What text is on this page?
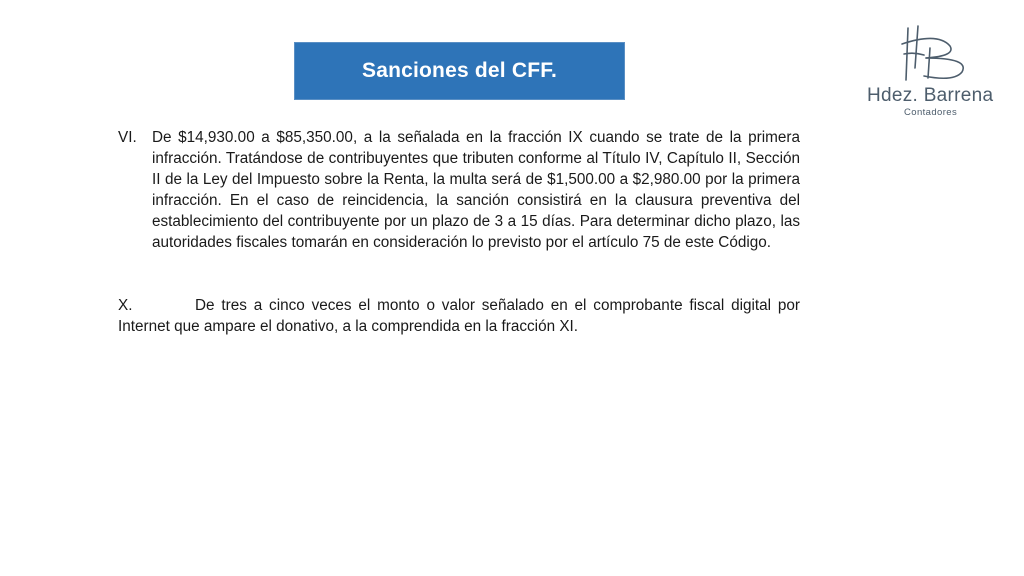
Sanciones del CFF.
Hdez. Barrena
Contadores
VI. De $14,930.00 a $85,350.00, a la señalada en la fracción IX cuando se trate de la primera infracción. Tratándose de contribuyentes que tributen conforme al Título IV, Capítulo II, Sección II de la Ley del Impuesto sobre la Renta, la multa será de $1,500.00 a $2,980.00 por la primera infracción. En el caso de reincidencia, la sanción consistirá en la clausura preventiva del establecimiento del contribuyente por un plazo de 3 a 15 días. Para determinar dicho plazo, las autoridades fiscales tomarán en consideración lo previsto por el artículo 75 de este Código.
X.	De tres a cinco veces el monto o valor señalado en el comprobante fiscal digital por Internet que ampare el donativo, a la comprendida en la fracción XI.
